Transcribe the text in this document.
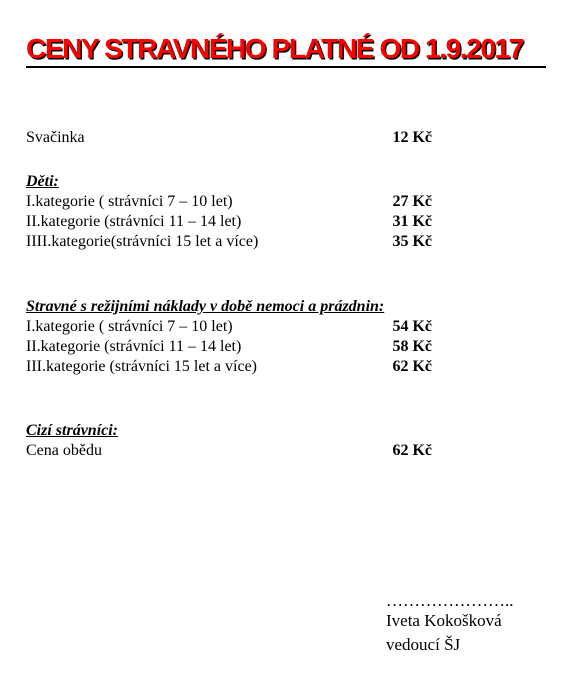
CENY STRAVNÉHO PLATNÉ OD 1.9.2017
Svačinka	12 Kč
Děti:
I.kategorie ( strávníci 7 – 10 let)	27 Kč
II.kategorie (strávníci 11 – 14 let)	31 Kč
IIII.kategorie(strávníci 15 let a více)	35 Kč
Stravné s režijními náklady v době nemoci a prázdnin:
I.kategorie ( strávníci 7 – 10 let)	54 Kč
II.kategorie (strávníci 11 – 14 let)	58 Kč
III.kategorie (strávníci 15 let a více)	62 Kč
Cizí strávníci:
Cena obědu	62 Kč
…………………..
Iveta Kokošková
vedoucí ŠJ
